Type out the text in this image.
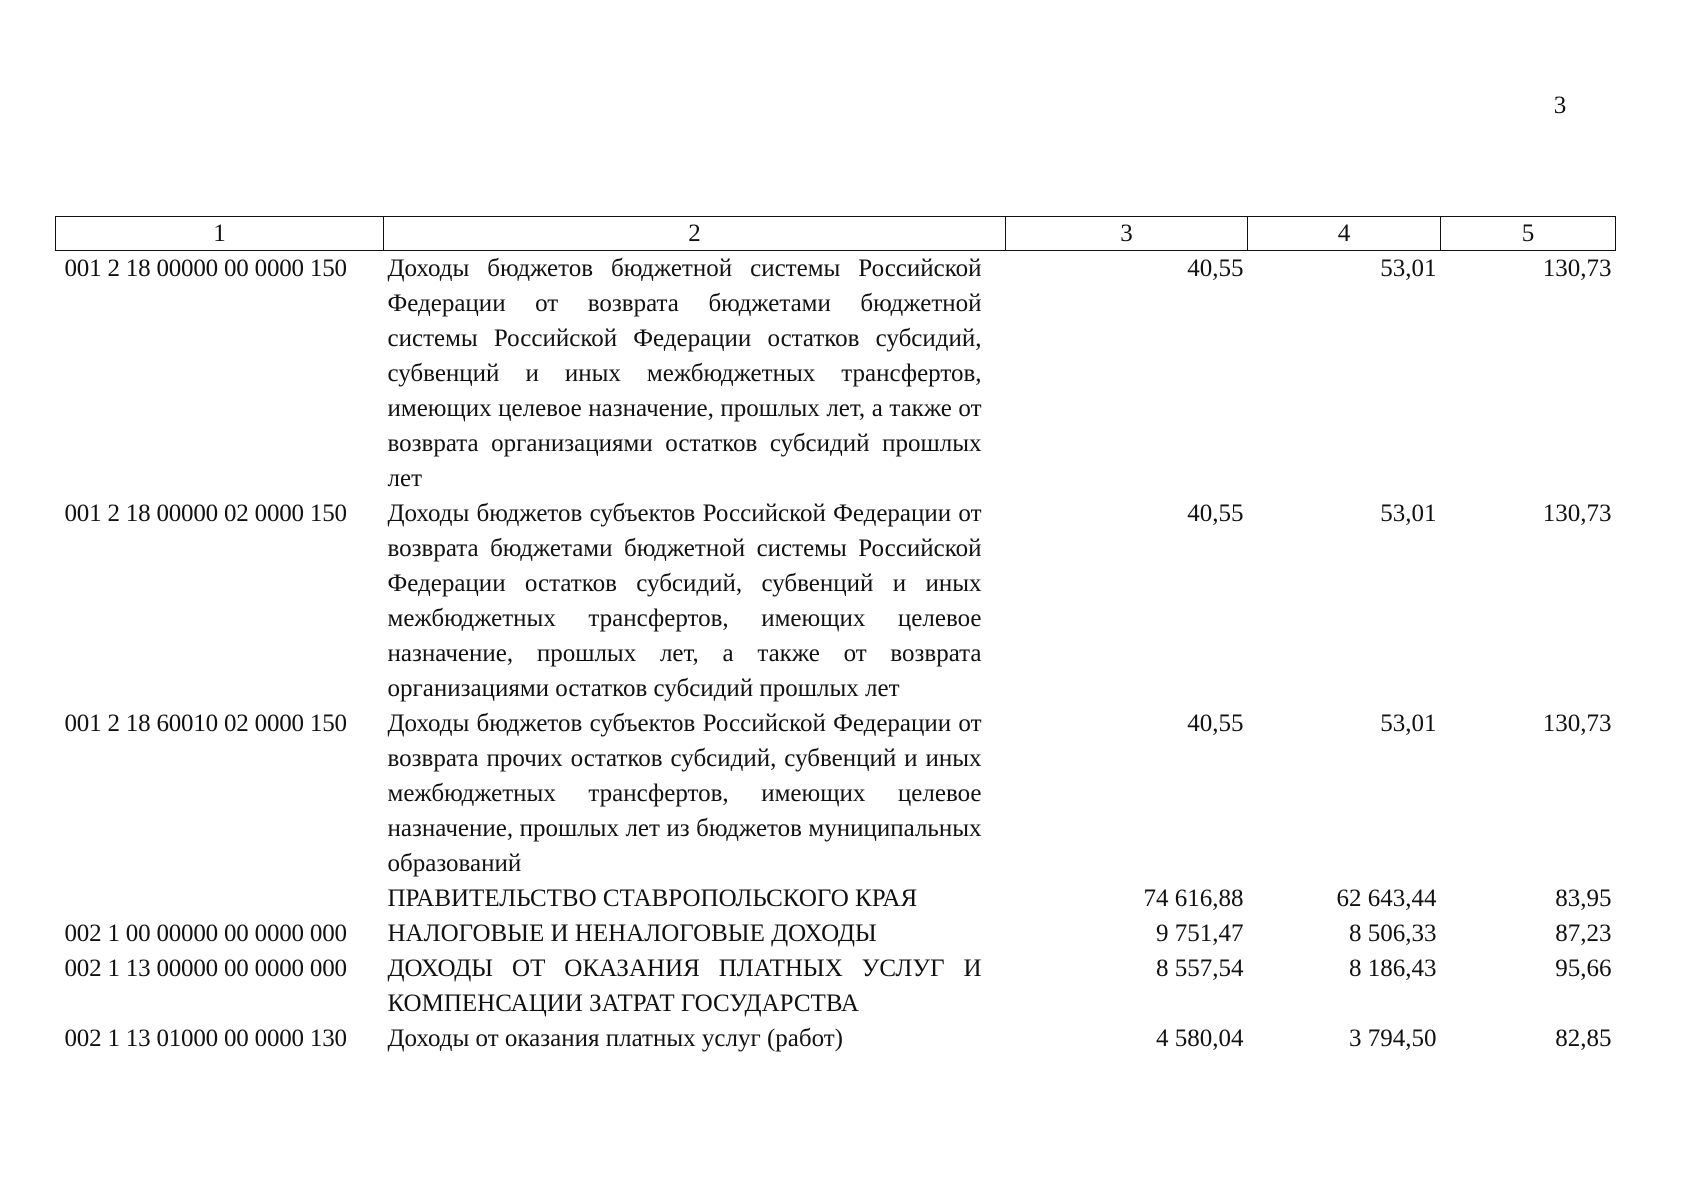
3
1	2	3	4	5
001 2 18 00000 00 0000 150	Доходы бюджетов бюджетной системы Российской Федерации от возврата бюджетами бюджетной системы Российской Федерации остатков субсидий, субвенций и иных межбюджетных трансфертов, имеющих целевое назначение, прошлых лет, а также от возврата организациями остатков субсидий прошлых лет	40,55	53,01	130,73
001 2 18 00000 02 0000 150	Доходы бюджетов субъектов Российской Федерации от возврата бюджетами бюджетной системы Российской Федерации остатков субсидий, субвенций и иных межбюджетных трансфертов, имеющих целевое назначение, прошлых лет, а также от возврата организациями остатков субсидий прошлых лет	40,55	53,01	130,73
001 2 18 60010 02 0000 150	Доходы бюджетов субъектов Российской Федерации от возврата прочих остатков субсидий, субвенций и иных межбюджетных трансфертов, имеющих целевое назначение, прошлых лет из бюджетов муниципальных образований	40,55	53,01	130,73
	ПРАВИТЕЛЬСТВО СТАВРОПОЛЬСКОГО КРАЯ	74 616,88	62 643,44	83,95
002 1 00 00000 00 0000 000	НАЛОГОВЫЕ И НЕНАЛОГОВЫЕ ДОХОДЫ	9 751,47	8 506,33	87,23
002 1 13 00000 00 0000 000	ДОХОДЫ ОТ ОКАЗАНИЯ ПЛАТНЫХ УСЛУГ И КОМПЕНСАЦИИ ЗАТРАТ ГОСУДАРСТВА	8 557,54	8 186,43	95,66
002 1 13 01000 00 0000 130	Доходы от оказания платных услуг (работ)	4 580,04	3 794,50	82,85
